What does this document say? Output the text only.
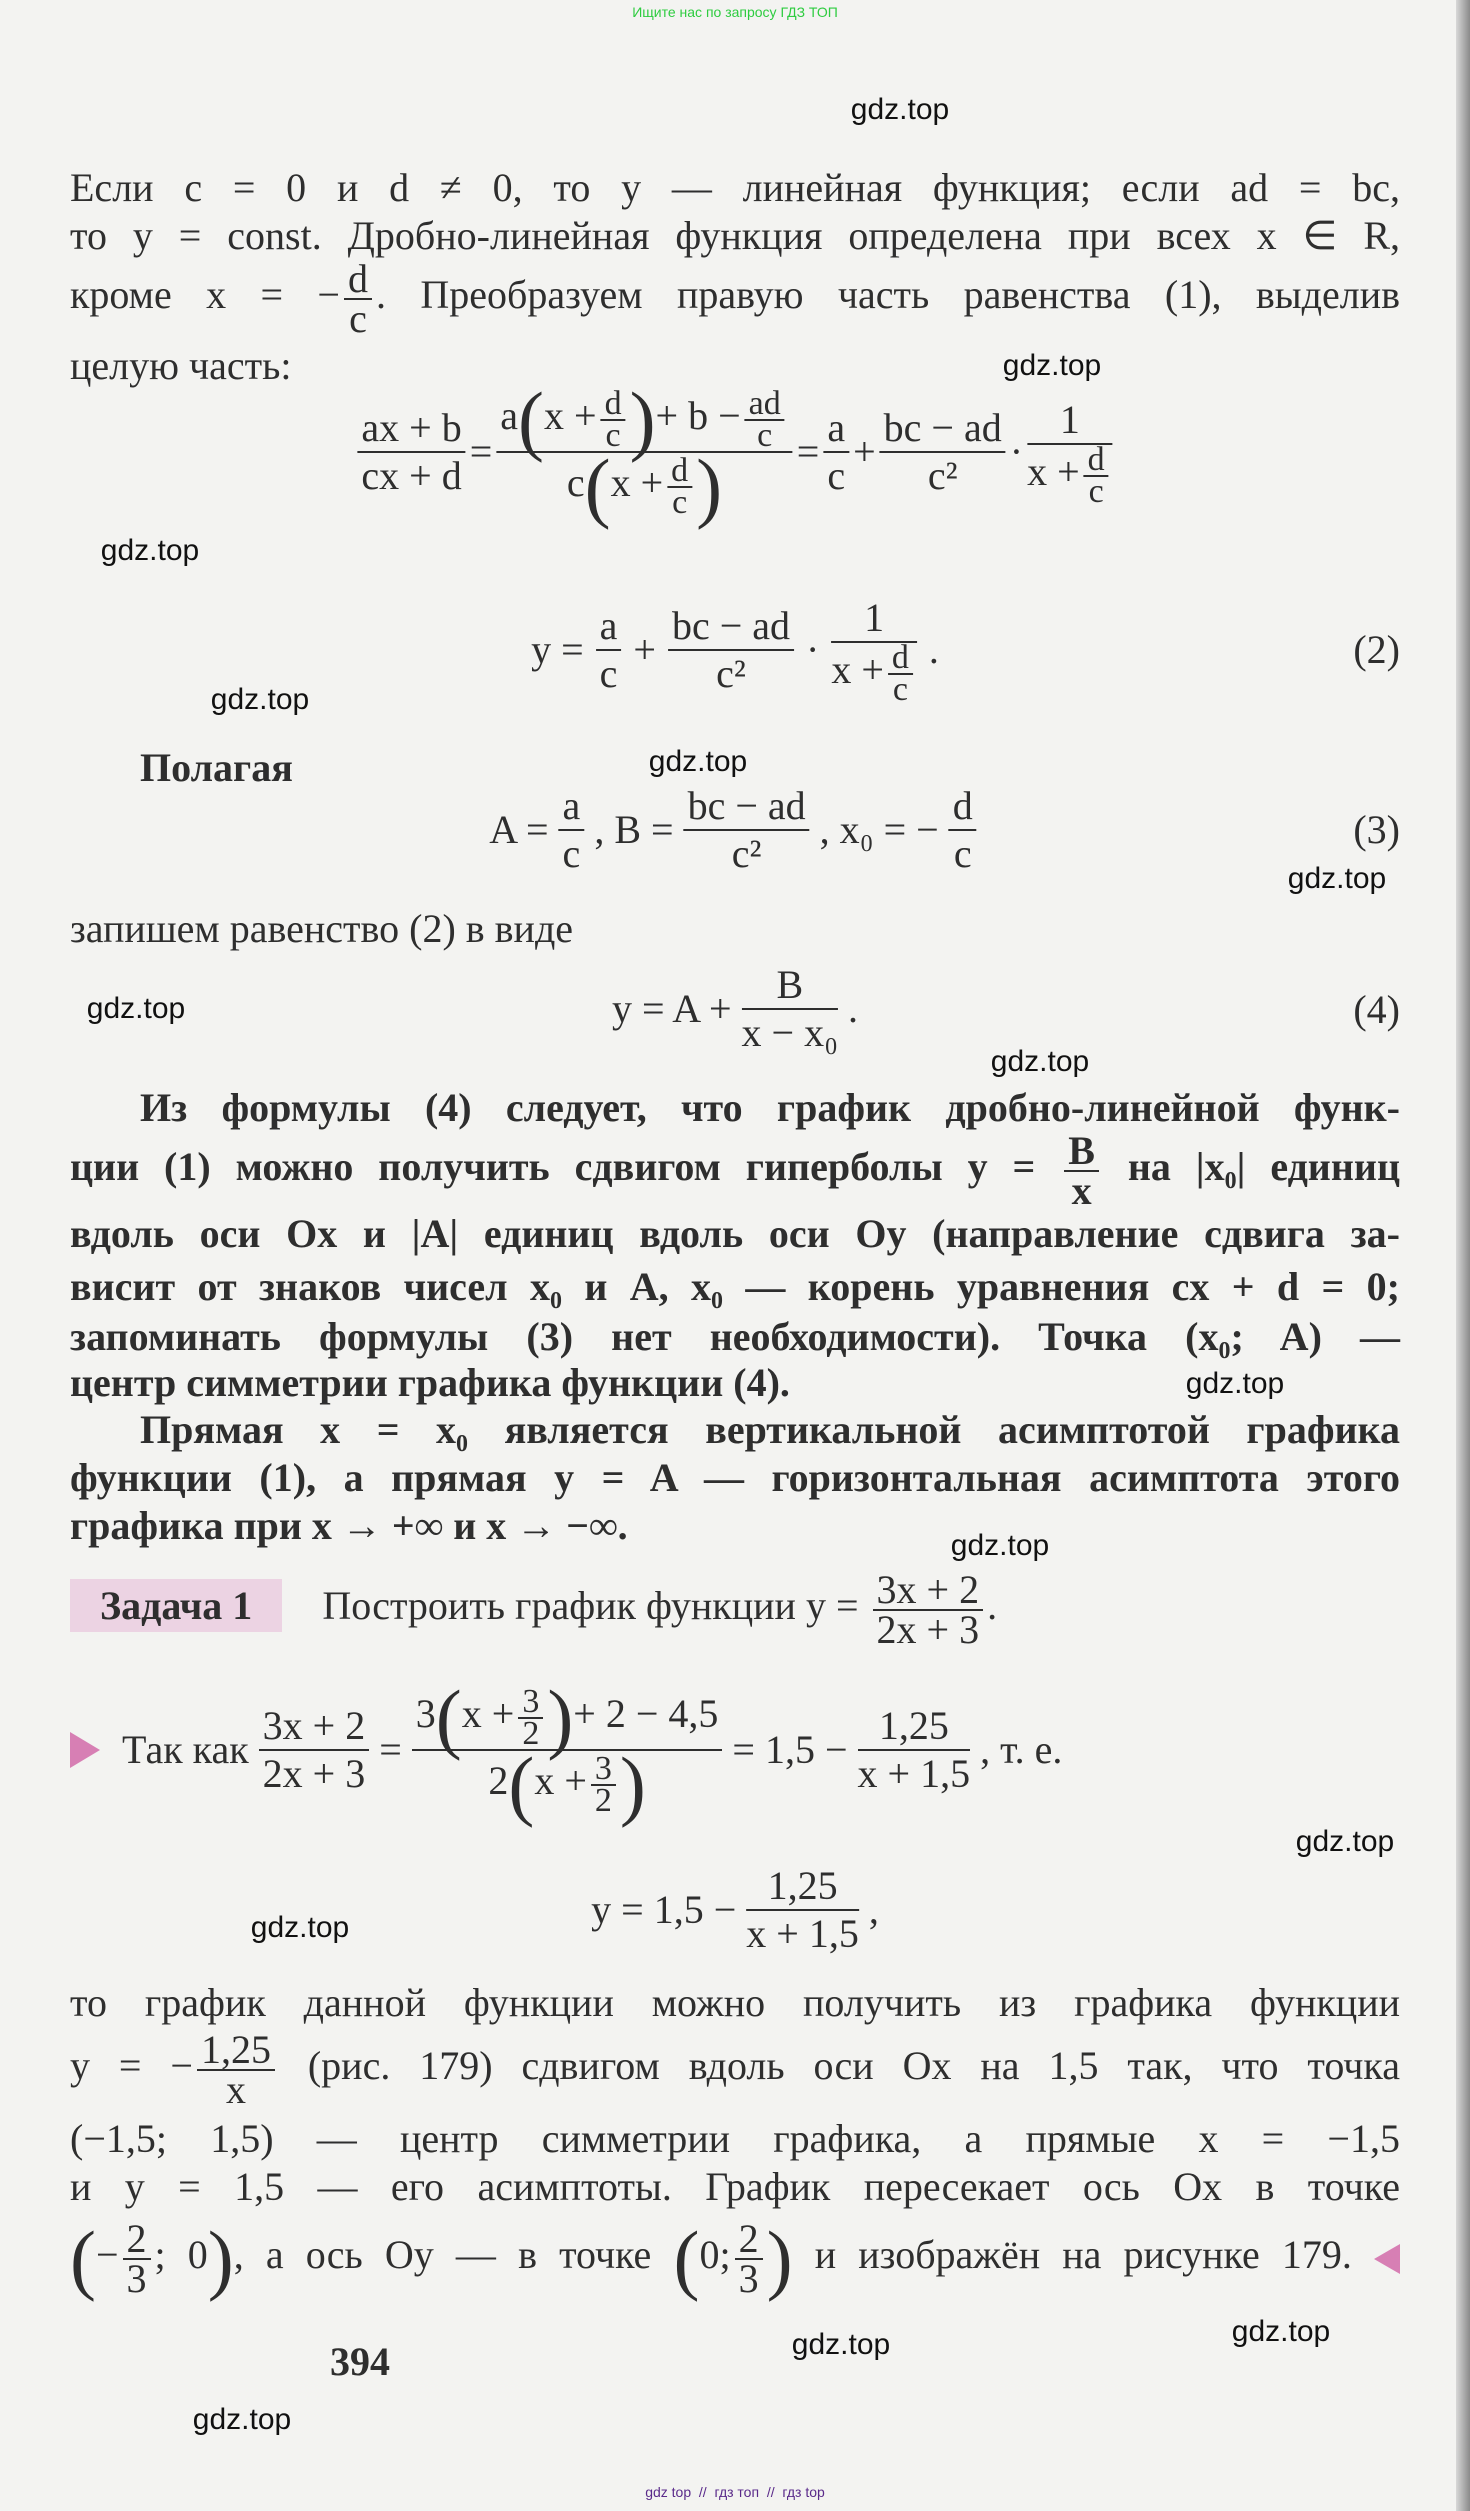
Ищите нас по запросу ГДЗ ТОП
gdz top  //  гдз топ  //  гдз top
Если c = 0 и d ≠ 0, то y — линейная функция; если ad = bc,
то y = const. Дробно-линейная функция определена при всех x ∈ R,
кроме x = − $\frac{d}{c}$ . Преобразуем правую часть равенства (1), выделив
целую часть:
$\frac{ax + b}{cx + d}$ =
$a(x + \frac{d}{c}$ )+ $b - \frac{ad}{c}$
$c(x + \frac{d}{c}$ )	= $\frac{a}{c} + \frac{bc - ad}{\text{c²}} \cdot \frac{1}{x + \frac{d}{c}}$
$y = \frac{a}{c} + \frac{bc - ad}{\text{c²}} \cdot \frac{1}{x + \frac{d}{c}}$ .	(2)
Полагая
$A = \frac{a}{c}$ , $B = \frac{bc - ad}{\text{c²}}$ , x₀ = − $\frac{d}{c}$	(3)
запишем равенство (2) в виде
$y = A + \frac{B}{\text{x − x₀}}$ .	(4)
Из формулы (4) следует, что график дробно-линейной функ-
ции (1) можно получить сдвигом гиперболы $y = \frac{B}{x}$ на |x₀| единиц
вдоль оси Ox и |A| единиц вдоль оси Oy (направление сдвига за-
висит от знаков чисел x₀ и A, x₀ — корень уравнения cx + d = 0;
запоминать формулы (3) нет необходимости). Точка (x₀; A) —
центр симметрии графика функции (4).
Прямая x = x₀ является вертикальной асимптотой графика
функции (1), а прямая y = A — горизонтальная асимптота этого
графика при x → +∞ и x → −∞.
Задача 1 Построить график функции $y = \frac{3x + 2}{2x + 3}$ .
Так как $\frac{3x + 2}{2x + 3} = \frac{3(x + \frac{3}{2} )+ 2 - 4,5}{2(x + \frac{3}{2} )} = 1,5 - \frac{1,25}{x + 1,5}$ , т. е.
$y = 1,5 - \frac{1,25}{x + 1,5}$ ,
то график данной функции можно получить из графика функции
y = − $\frac{1,25}{x} (рис$. 179) сдвигом вдоль оси Ox на 1,5 так, что точка
(−1,5; 1,5) — центр симметрии графика, а прямые x = −1,5
и y = 1,5 — его асимптоты. График пересекает ось Ox в точке
(− $\frac{2}{3}$ ; 0), а ось Oy — в точке (0; $\frac{2}{3}$ ) и изображён на рисунке 179.
394
gdz.top
gdz.top
gdz.top
gdz.top
gdz.top
gdz.top
gdz.top
gdz.top
gdz.top
gdz.top
gdz.top
gdz.top
gdz.top
gdz.top
gdz.top
